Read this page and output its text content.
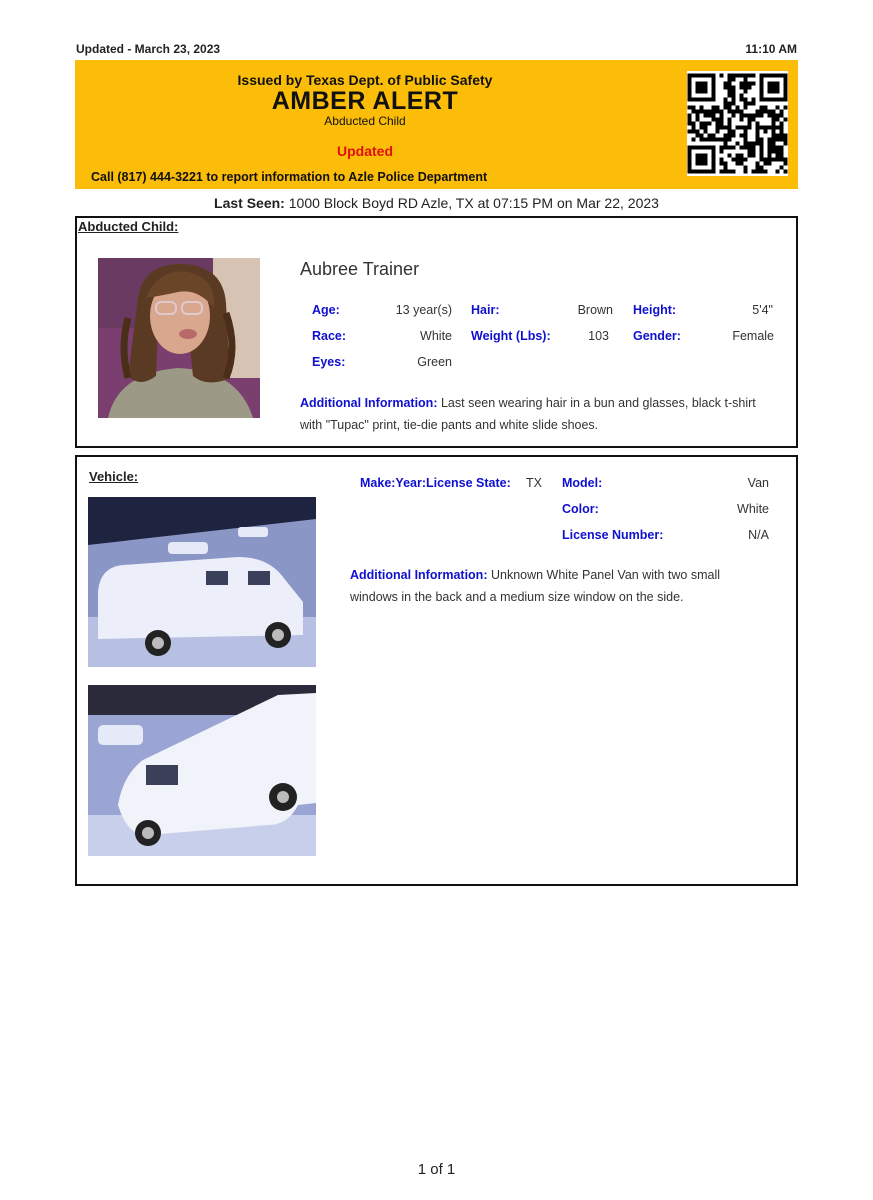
Updated - March 23, 2023	11:10 AM
Issued by Texas Dept. of Public Safety
AMBER ALERT
Abducted Child
Updated
Call (817) 444-3221 to report information to Azle Police Department
Last Seen: 1000 Block Boyd RD Azle, TX at 07:15 PM on Mar 22, 2023
Abducted Child:
Aubree Trainer
Age:	13 year(s) Hair:	Brown Height:	5'4"
Race:	White Weight (Lbs):	103 Gender:	Female
Eyes:	Green
Additional Information: Last seen wearing hair in a bun and glasses, black t-shirt with "Tupac" print, tie-die pants and white slide shoes.
Vehicle:	Make:Year:License State: TX Model:	Van
Color:	White
License Number:	N/A
Additional Information: Unknown White Panel Van with two small windows in the back and a medium size window on the side.
1 of 1
